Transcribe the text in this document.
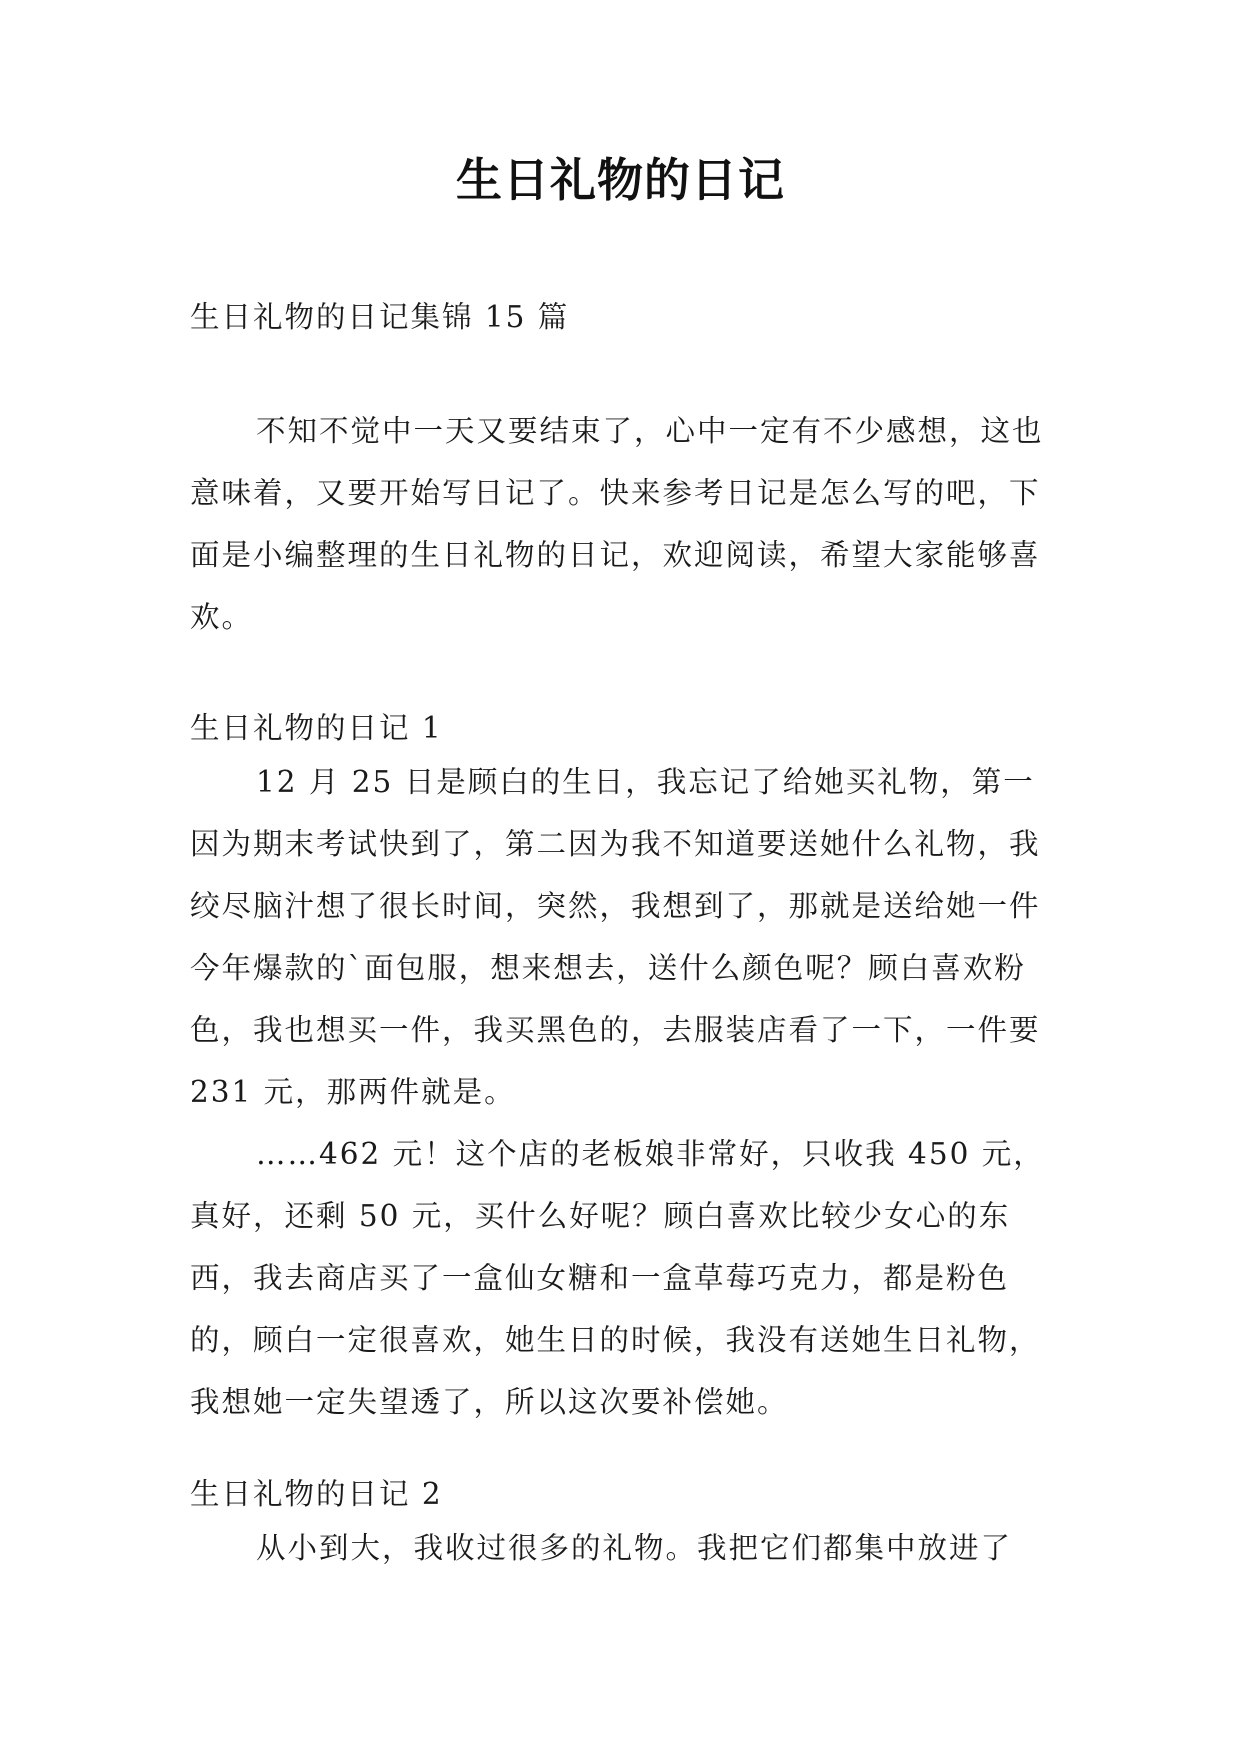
生日礼物的日记

生日礼物的日记集锦 15 篇

不知不觉中一天又要结束了，心中一定有不少感想，这也意味着，又要开始写日记了。快来参考日记是怎么写的吧，下面是小编整理的生日礼物的日记，欢迎阅读，希望大家能够喜欢。

生日礼物的日记 1

12 月 25 日是顾白的生日，我忘记了给她买礼物，第一因为期末考试快到了，第二因为我不知道要送她什么礼物，我绞尽脑汁想了很长时间，突然，我想到了，那就是送给她一件今年爆款的`面包服，想来想去，送什么颜色呢？顾白喜欢粉色，我也想买一件，我买黑色的，去服装店看了一下，一件要 231 元，那两件就是。

……462 元！这个店的老板娘非常好，只收我 450 元，真好，还剩 50 元，买什么好呢？顾白喜欢比较少女心的东西，我去商店买了一盒仙女糖和一盒草莓巧克力，都是粉色的，顾白一定很喜欢，她生日的时候，我没有送她生日礼物，我想她一定失望透了，所以这次要补偿她。

生日礼物的日记 2

从小到大，我收过很多的礼物。我把它们都集中放进了
